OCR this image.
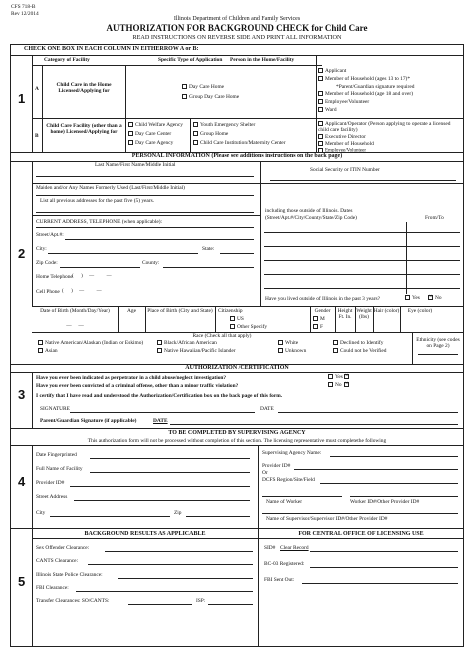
CFS 718-B
Rev 12/2014
Illinois Department of Children and Family Services
AUTHORIZATION FOR BACKGROUND CHECK for Child Care
READ INSTRUCTIONS ON REVERSE SIDE AND PRINT ALL INFORMATION
CHECK ONE BOX IN EACH COLUMN IN EITHERROW A or B:
1
Category of Facility	Specific Type of Application Person in the Home/Facility
A
Child Care in the Home Licensed/Applying for
Day Care Home
Group Day Care Home
Applicant
Member of Household (ages 13 to 17)*
*Parent/Guardian signature required
Member of Household (age 18 and over)
Employee/Volunteer
Ward
B
Child Care Facility (other than a home) Licensed/Applying for
Child Welfare Agency
Day Care Center
Day Care Agency
Youth Emergency Shelter
Group Home
Child Care Institution/Maternity Center
Applicant/Operator (Person applying to operate a licensed child care facility)
Executive Director
Member of Household
Employee/Volunteer
PERSONAL INFORMATION (Please see additions instructions on the back page)
2
Last Name/First Name/Middle Initial
Social Security or ITIN Number
Maiden and/or Any Names Formerly Used (Last/First/Middle Initial)
List all previous addresses for the past five (5) years.
CURRENT ADDRESS, TELEPHONE (when applicable):
Street/Apt.#:
City:	State:
Zip Code:	County:
Home Telephone (      )     —          —
Cell Phone (      )     —          —
including those outside of Illinois. Dates
(Street/Apt.#/City/County/State/Zip Code)	From/To
Have you lived outside of Illinois in the past 3 years?	Yes
×	No
Date of Birth (Month/Day/Year)
—     —
Age	Place of Birth (City and State) Citizenship
US
Other Specify
Gender
M
F
Height Ft. In.
Weight (lbs)
Hair (color)	Eye (color)
Race (Check all that apply)
Native American/Alaskan (Indian or Eskimo)
Asian
Black/African American
Native Hawaiian/Pacific Islander
White
Unknown
Declined to Identify
Could not be Verified
Ethnicity (see codes on Page 2)
AUTHORIZATION /CERTIFICATION
3
Have you ever been indicated as perpetrator in a child abuse/neglect investigation?
Have you ever been convicted of a criminal offense, other than a minor traffic violation?
Yes
×
No
×
I certify that I have read and understood the Authorization/Certification box on the back page of this form.
SIGNATURE	DATE
Parent/Guardian Signature (if applicable)	DATE
TO BE COMPLETED BY SUPERVISING AGENCY
This authorization form will not be processed without completion of this section. The licensing representative must completethe following
4
Date Fingerprinted
Full Name of Facility
Provider ID#
Street Address
City	Zip
Supervising Agency Name:
Provider ID#
Or
DCFS Region/Site/Field
Name of Worker	Worker ID#/Other Provider ID#
Name of Supervisor/Supervisor ID#/Other Provider ID#
5
BACKGROUND RESULTS AS APPLICABLE	FOR CENTRAL OFFICE OF LICENSING USE
Sex Offender Clearance:
CANTS Clearance:
Illinois State Police Clearance:
FBI Clearance:
Transfer Clearances: SO/CANTS:	ISP:
SID# Clear Record
BC-03 Registered:
FBI Sent Out:
